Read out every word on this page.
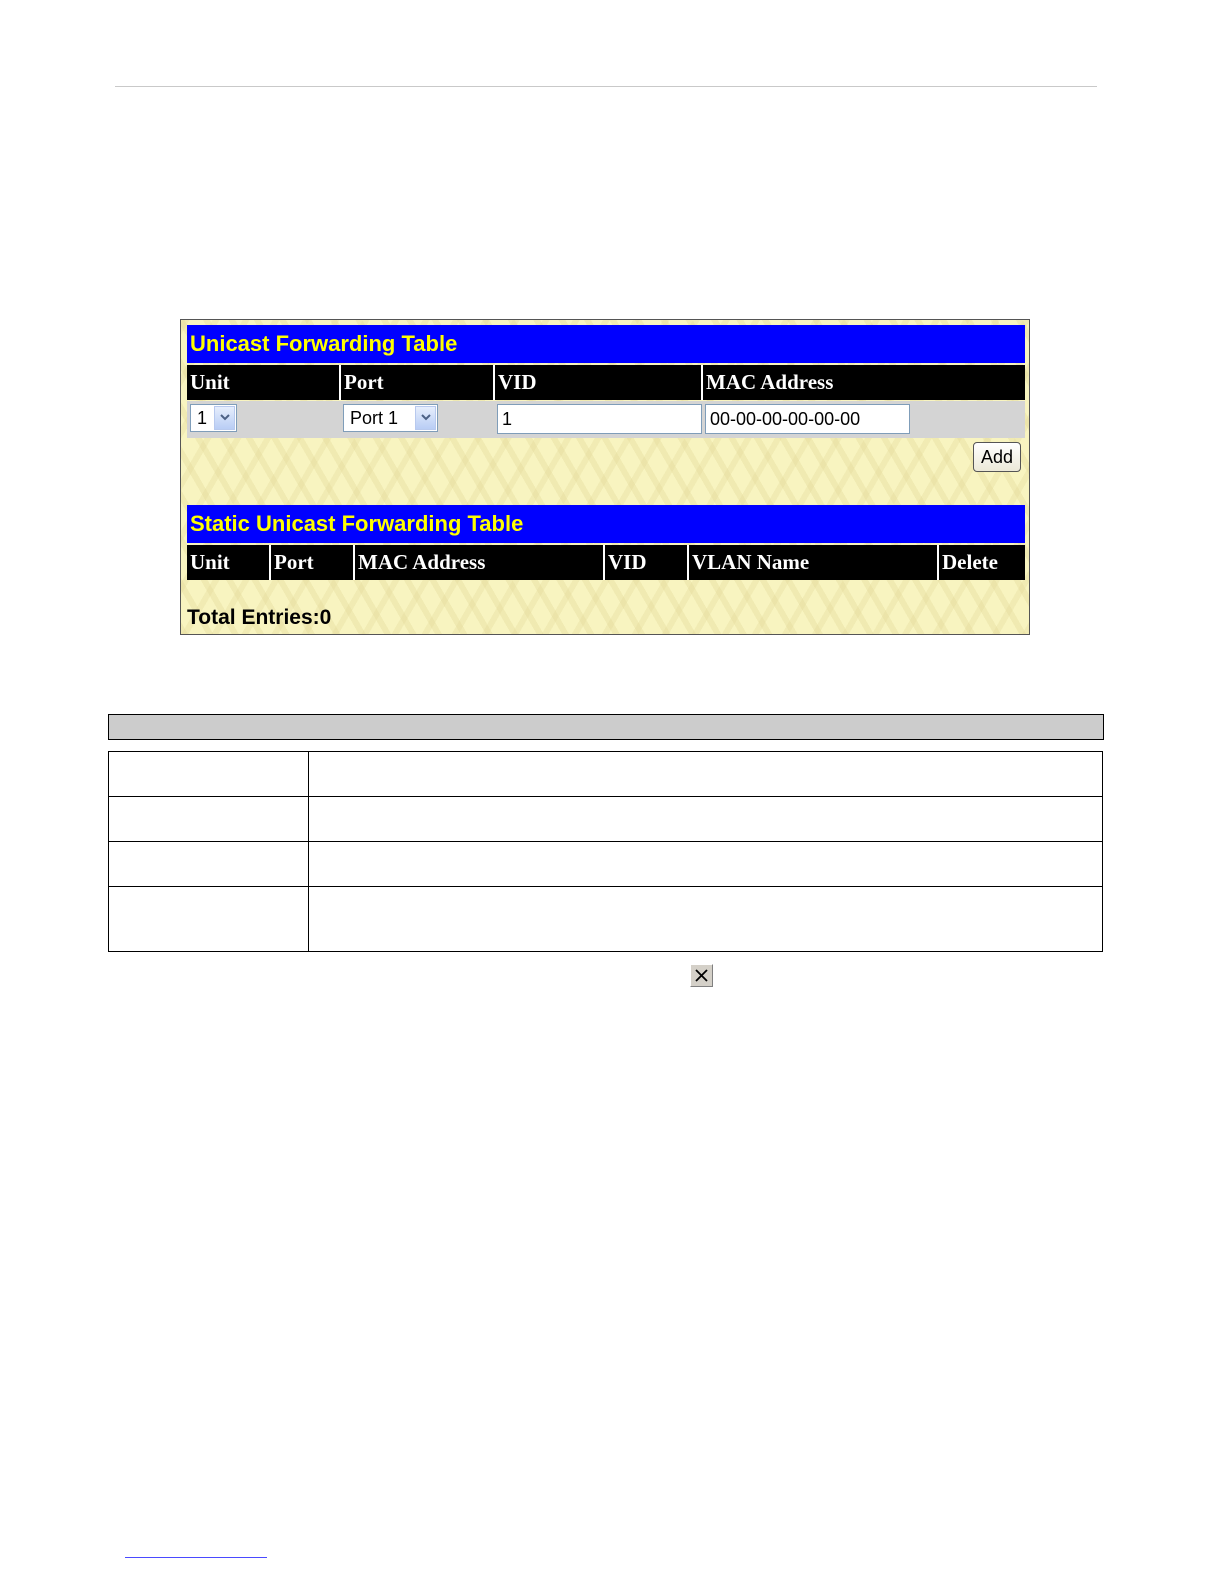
Unicast Forwarding Table
Unit	Port	VID	MAC Address
1	Port 1	1	00-00-00-00-00-00
Add
Static Unicast Forwarding Table
Unit	Port	MAC Address	VID	VLAN Name	Delete
Total Entries:0
